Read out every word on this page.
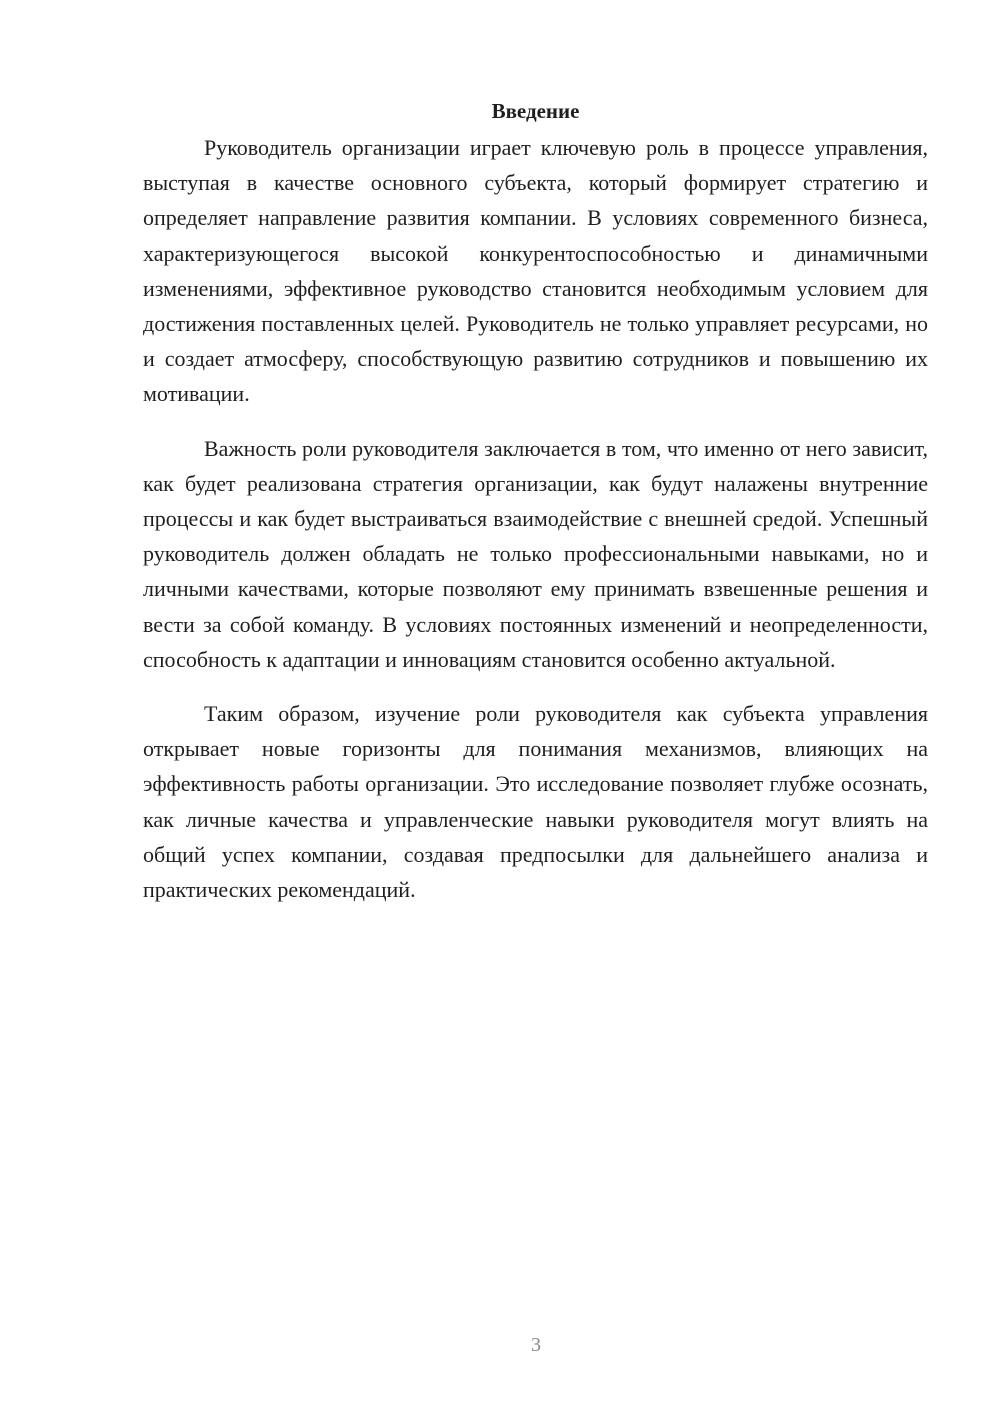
Введение

Руководитель организации играет ключевую роль в процессе управления, выступая в качестве основного субъекта, который формирует стратегию и определяет направление развития компании. В условиях современного бизнеса, характеризующегося высокой конкурентоспособностью и динамичными изменениями, эффективное руководство становится необходимым условием для достижения поставленных целей. Руководитель не только управляет ресурсами, но и создает атмосферу, способствующую развитию сотрудников и повышению их мотивации.

Важность роли руководителя заключается в том, что именно от него зависит, как будет реализована стратегия организации, как будут налажены внутренние процессы и как будет выстраиваться взаимодействие с внешней средой. Успешный руководитель должен обладать не только профессиональными навыками, но и личными качествами, которые позволяют ему принимать взвешенные решения и вести за собой команду. В условиях постоянных изменений и неопределенности, способность к адаптации и инновациям становится особенно актуальной.

Таким образом, изучение роли руководителя как субъекта управления открывает новые горизонты для понимания механизмов, влияющих на эффективность работы организации. Это исследование позволяет глубже осознать, как личные качества и управленческие навыки руководителя могут влиять на общий успех компании, создавая предпосылки для дальнейшего анализа и практических рекомендаций.

3
